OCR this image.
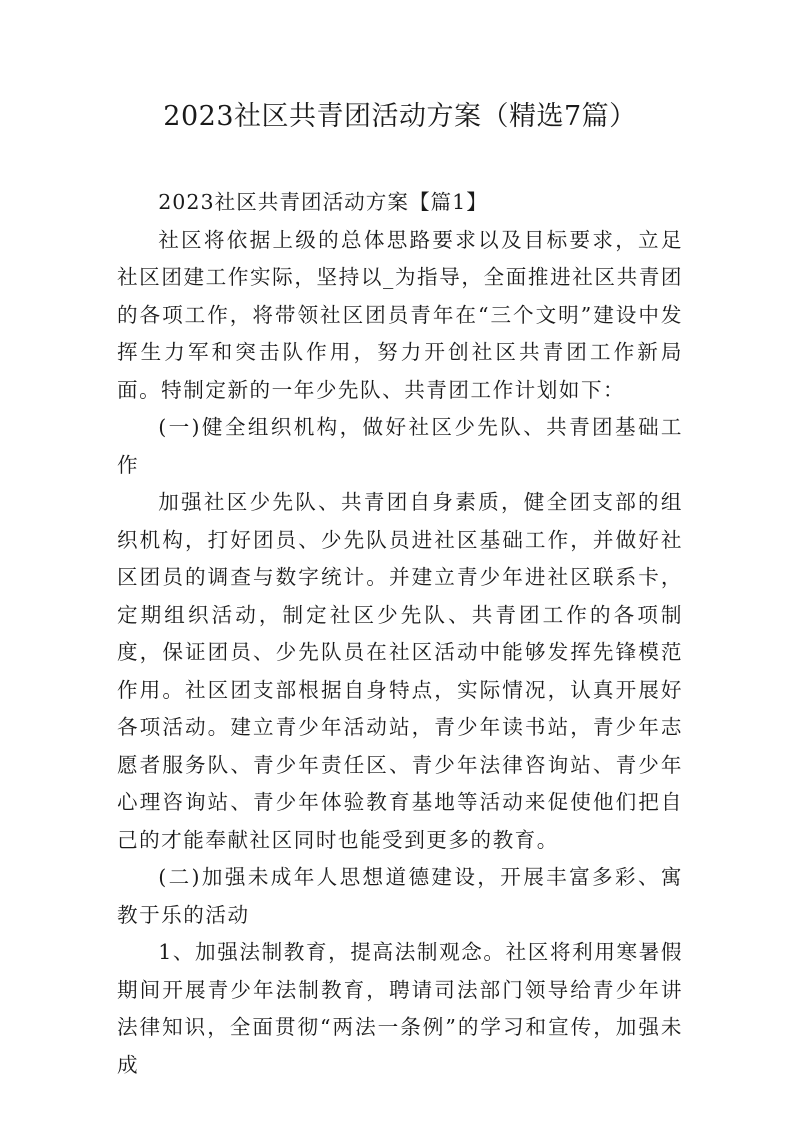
2023社区共青团活动方案（精选7篇）

2023社区共青团活动方案【篇1】

社区将依据上级的总体思路要求以及目标要求，立足社区团建工作实际，坚持以_为指导，全面推进社区共青团的各项工作，将带领社区团员青年在“三个文明”建设中发挥生力军和突击队作用，努力开创社区共青团工作新局面。特制定新的一年少先队、共青团工作计划如下：

(一)健全组织机构，做好社区少先队、共青团基础工作

加强社区少先队、共青团自身素质，健全团支部的组织机构，打好团员、少先队员进社区基础工作，并做好社区团员的调查与数字统计。并建立青少年进社区联系卡，定期组织活动，制定社区少先队、共青团工作的各项制度，保证团员、少先队员在社区活动中能够发挥先锋模范作用。社区团支部根据自身特点，实际情况，认真开展好各项活动。建立青少年活动站，青少年读书站，青少年志愿者服务队、青少年责任区、青少年法律咨询站、青少年心理咨询站、青少年体验教育基地等活动来促使他们把自己的才能奉献社区同时也能受到更多的教育。

(二)加强未成年人思想道德建设，开展丰富多彩、寓教于乐的活动

1、加强法制教育，提高法制观念。社区将利用寒暑假期间开展青少年法制教育，聘请司法部门领导给青少年讲法律知识，全面贯彻“两法一条例”的学习和宣传，加强未成
